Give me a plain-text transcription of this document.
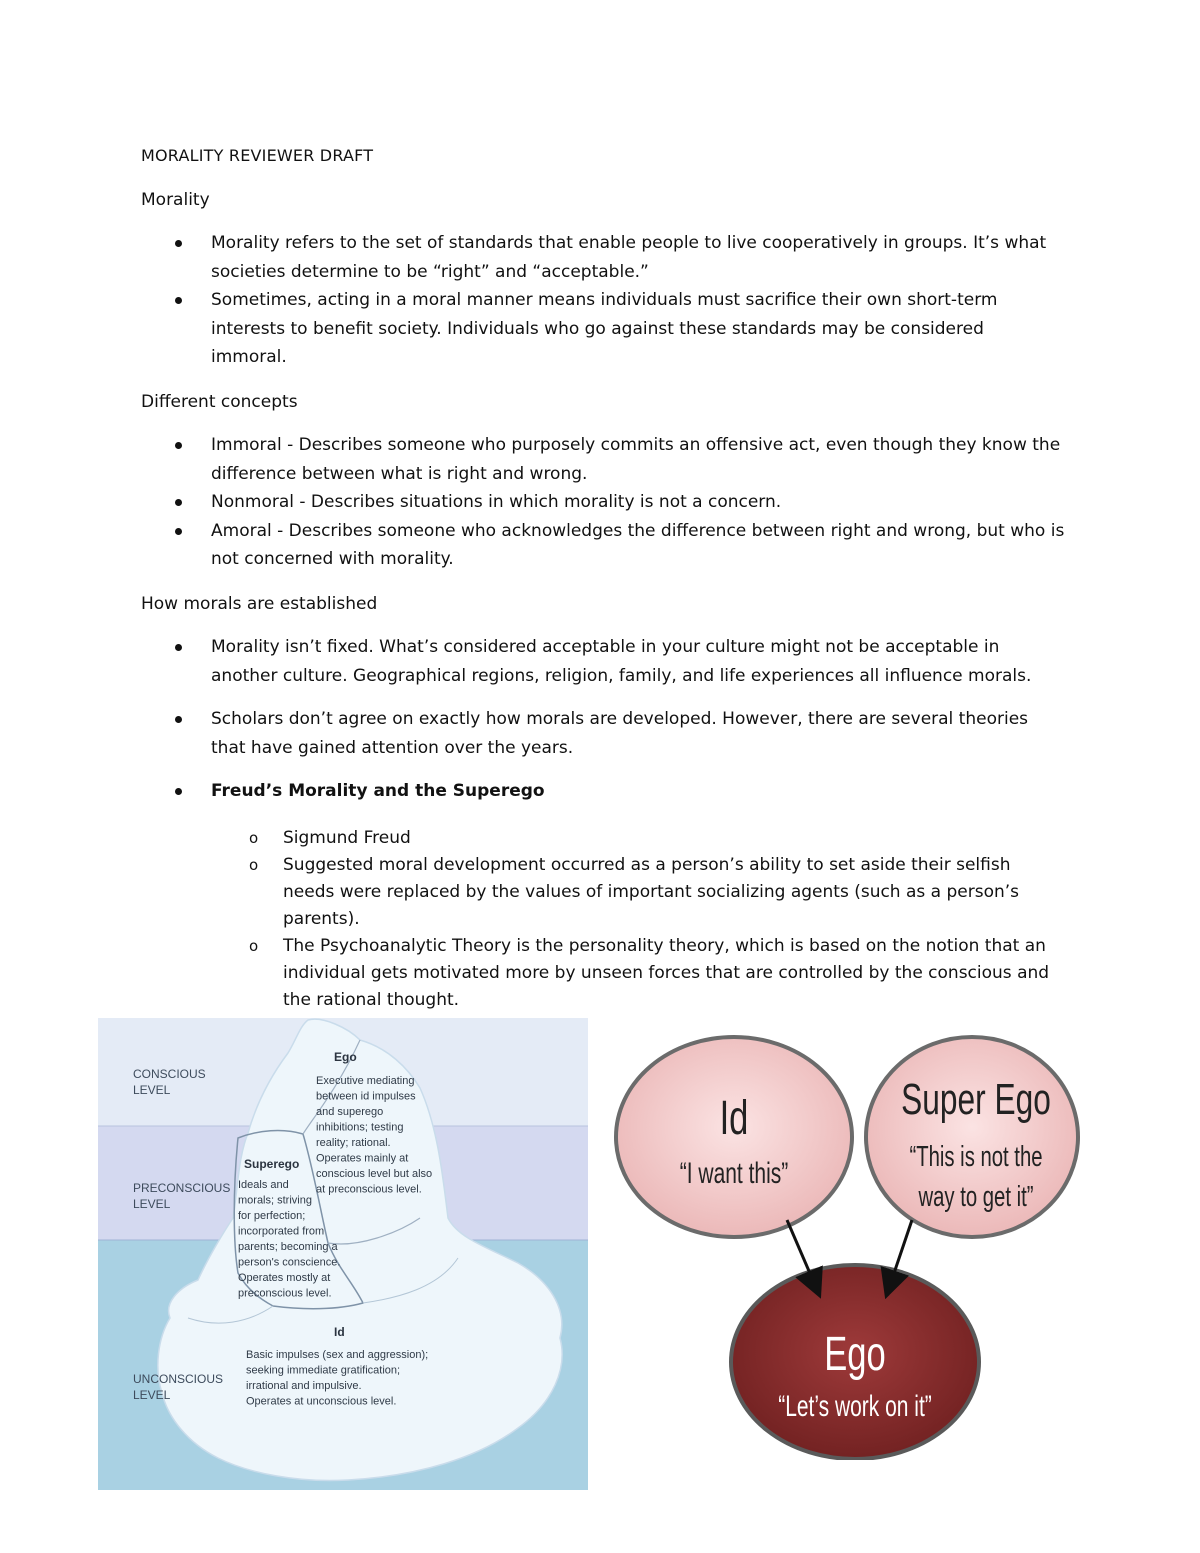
MORALITY REVIEWER DRAFT
Morality
Morality refers to the set of standards that enable people to live cooperatively in groups. It’s what societies determine to be “right” and “acceptable.”
Sometimes, acting in a moral manner means individuals must sacrifice their own short-term interests to benefit society. Individuals who go against these standards may be considered immoral.
Different concepts
Immoral - Describes someone who purposely commits an offensive act, even though they know the difference between what is right and wrong.
Nonmoral - Describes situations in which morality is not a concern.
Amoral - Describes someone who acknowledges the difference between right and wrong, but who is not concerned with morality.
How morals are established
Morality isn’t fixed. What’s considered acceptable in your culture might not be acceptable in another culture. Geographical regions, religion, family, and life experiences all influence morals.
Scholars don’t agree on exactly how morals are developed. However, there are several theories that have gained attention over the years.
Freud’s Morality and the Superego
o Sigmund Freud
o Suggested moral development occurred as a person’s ability to set aside their selfish needs were replaced by the values of important socializing agents (such as a person’s parents).
o The Psychoanalytic Theory is the personality theory, which is based on the notion that an individual gets motivated more by unseen forces that are controlled by the conscious and the rational thought.
CONSCIOUS LEVEL
PRECONSCIOUS LEVEL
UNCONSCIOUS LEVEL
Ego
Executive mediating
between id impulses
and superego
inhibitions; testing
reality; rational.
Operates mainly at
conscious level but also
at preconscious level.
Superego
Ideals and
morals; striving
for perfection;
incorporated from
parents; becoming a
person's conscience.
Operates mostly at
preconscious level.
Id
Basic impulses (sex and aggression);
seeking immediate gratification;
irrational and impulsive.
Operates at unconscious level.
Id
“I want this”
Super Ego
“This is not the
way to get it”
Ego
“Let’s work on it”
